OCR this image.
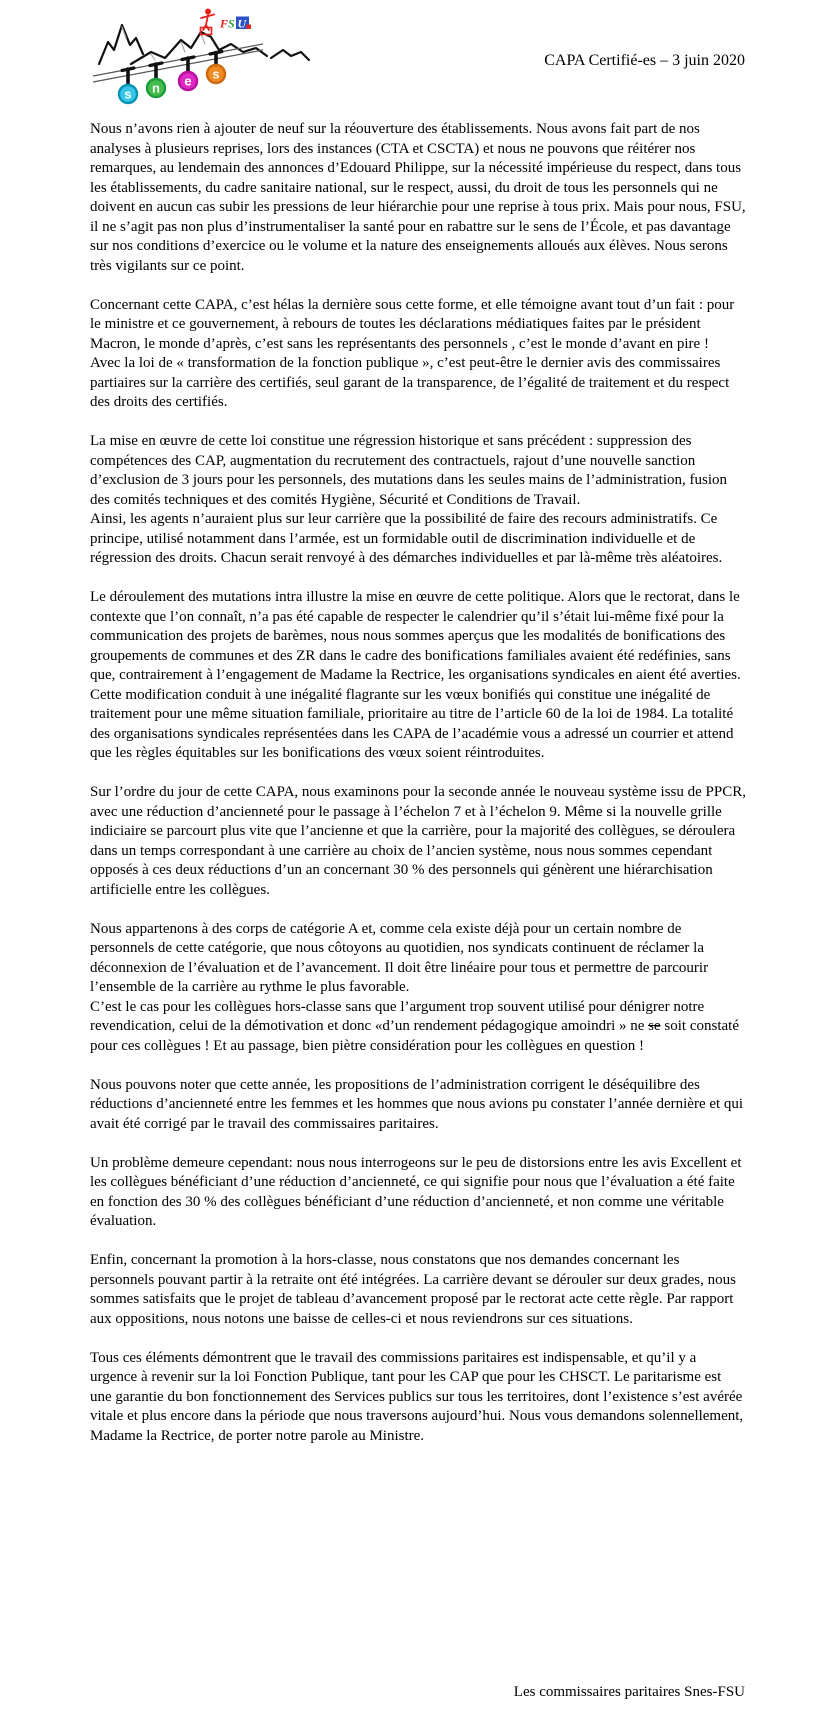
F S U
s n e s
CAPA Certifié-es – 3 juin 2020

Nous n’avons rien à ajouter de neuf sur la réouverture des établissements. Nous avons fait part de nos analyses à plusieurs reprises, lors des instances (CTA et CSCTA) et nous ne pouvons que réitérer nos remarques, au lendemain des annonces d’Edouard Philippe, sur la nécessité impérieuse du respect, dans tous les établissements, du cadre sanitaire national, sur le respect, aussi, du droit de tous les personnels qui ne doivent en aucun cas subir les pressions de leur hiérarchie pour une reprise à tous prix. Mais pour nous, FSU, il ne s’agit pas non plus d’instrumentaliser la santé pour en rabattre sur le sens de l’École, et pas davantage sur nos conditions d’exercice ou le volume et la nature des enseignements alloués aux élèves. Nous serons très vigilants sur ce point.

Concernant cette CAPA, c’est hélas la dernière sous cette forme, et elle témoigne avant tout d’un fait : pour le ministre et ce gouvernement, à rebours de toutes les déclarations médiatiques faites par le président Macron, le monde d’après, c’est sans les représentants des personnels , c’est le monde d’avant en pire !

Avec la loi de « transformation de la fonction publique », c’est peut-être le dernier avis des commissaires partiaires sur la carrière des certifiés, seul garant de la transparence, de l’égalité de traitement et du respect des droits des certifiés.

La mise en œuvre de cette loi constitue une régression historique et sans précédent : suppression des compétences des CAP, augmentation du recrutement des contractuels, rajout d’une nouvelle sanction d’exclusion de 3 jours pour les personnels, des mutations dans les seules mains de l’administration, fusion des comités techniques et des comités Hygiène, Sécurité et Conditions de Travail.

Ainsi, les agents n’auraient plus sur leur carrière que la possibilité de faire des recours administratifs. Ce principe, utilisé notamment dans l’armée, est un formidable outil de discrimination individuelle et de régression des droits. Chacun serait renvoyé à des démarches individuelles et par là-même très aléatoires.

Le déroulement des mutations intra illustre la mise en œuvre de cette politique. Alors que le rectorat, dans le contexte que l’on connaît, n’a pas été capable de respecter le calendrier qu’il s’était lui-même fixé pour la communication des projets de barèmes, nous nous sommes aperçus que les modalités de bonifications des groupements de communes et des ZR dans le cadre des bonifications familiales avaient été redéfinies, sans que, contrairement à l’engagement de Madame la Rectrice, les organisations syndicales en aient été averties. Cette modification conduit à une inégalité flagrante sur les vœux bonifiés qui constitue une inégalité de traitement pour une même situation familiale, prioritaire au titre de l’article 60 de la loi de 1984. La totalité des organisations syndicales représentées dans les CAPA de l’académie vous a adressé un courrier et attend que les règles équitables sur les bonifications des vœux soient réintroduites.

Sur l’ordre du jour de cette CAPA, nous examinons pour la seconde année le nouveau système issu de PPCR, avec une réduction d’ancienneté pour le passage à l’échelon 7 et à l’échelon 9. Même si la nouvelle grille indiciaire se parcourt plus vite que l’ancienne et que la carrière, pour la majorité des collègues, se déroulera dans un temps correspondant à une carrière au choix de l’ancien système, nous nous sommes cependant opposés à ces deux réductions d’un an concernant 30 % des personnels qui génèrent une hiérarchisation artificielle entre les collègues.

Nous appartenons à des corps de catégorie A et, comme cela existe déjà pour un certain nombre de personnels de cette catégorie, que nous côtoyons au quotidien, nos syndicats continuent de réclamer la déconnexion de l’évaluation et de l’avancement. Il doit être linéaire pour tous et permettre de parcourir l’ensemble de la carrière au rythme le plus favorable.

C’est le cas pour les collègues hors-classe sans que l’argument trop souvent utilisé pour dénigrer notre revendication, celui de la démotivation et donc «d’un rendement pédagogique amoindri » ne se soit constaté pour ces collègues ! Et au passage, bien piètre considération pour les collègues en question !

Nous pouvons noter que cette année, les propositions de l’administration corrigent le déséquilibre des réductions d’ancienneté entre les femmes et les hommes que nous avions pu constater l’année dernière et qui avait été corrigé par le travail des commissaires paritaires.

Un problème demeure cependant: nous nous interrogeons sur le peu de distorsions entre les avis Excellent et les collègues bénéficiant d’une réduction d’ancienneté, ce qui signifie pour nous que l’évaluation a été faite en fonction des 30 % des collègues bénéficiant d’une réduction d’ancienneté, et non comme une véritable évaluation.

Enfin, concernant la promotion à la hors-classe, nous constatons que nos demandes concernant les personnels pouvant partir à la retraite ont été intégrées. La carrière devant se dérouler sur deux grades, nous sommes satisfaits que le projet de tableau d’avancement proposé par le rectorat acte cette règle. Par rapport aux oppositions, nous notons une baisse de celles-ci et nous reviendrons sur ces situations.

Tous ces éléments démontrent que le travail des commissions paritaires est indispensable, et qu’il y a urgence à revenir sur la loi Fonction Publique, tant pour les CAP que pour les CHSCT. Le paritarisme est une garantie du bon fonctionnement des Services publics sur tous les territoires, dont l’existence s’est avérée vitale et plus encore dans la période que nous traversons aujourd’hui. Nous vous demandons solennellement, Madame la Rectrice, de porter notre parole au Ministre.

Les commissaires paritaires Snes-FSU
